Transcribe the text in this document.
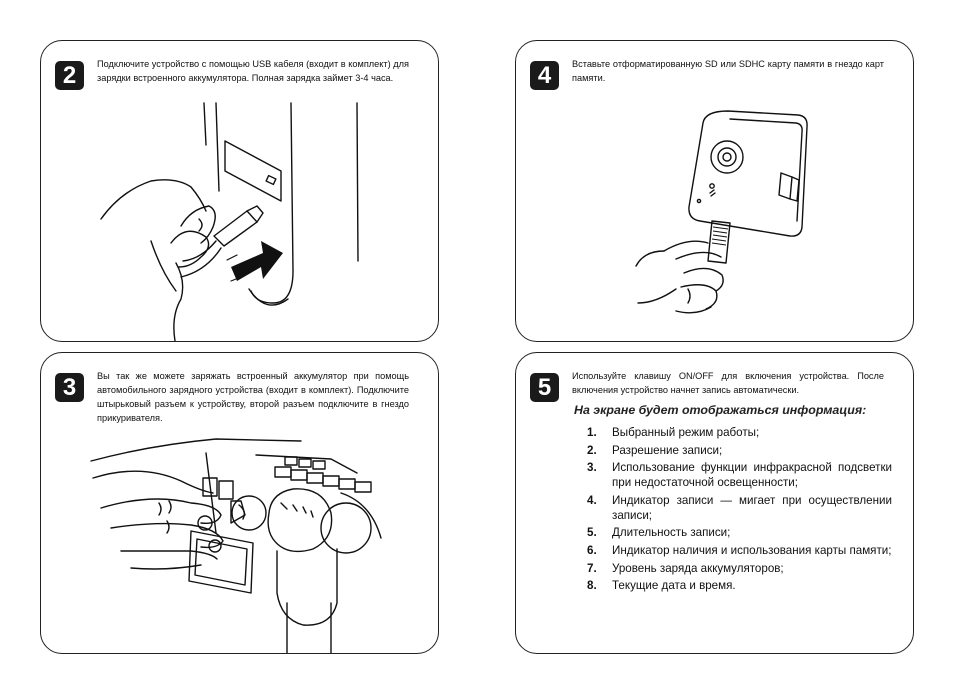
2	Подключите устройство с помощью USB кабеля (входит в комплект) для зарядки встроенного аккумулятора. Полная зарядка займет 3-4 часа.	4	Вставьте отформатированную SD или SDHC карту памяти в гнездо карт памяти.
3	Вы так же можете заряжать встроенный аккумулятор при помощь автомобильного зарядного устройства (входит в комплект). Подключите штырьковый разъем к устройству, второй разъем подключите в гнездо прикуривателя.
5	Используйте клавишу ON/OFF для включения устройства. После включения устройство начнет запись автоматически.
На экране будет отображаться информация:
1. Выбранный режим работы;
2. Разрешение записи;
3. Использование функции инфракрасной подсветки при недостаточной освещенности;
4. Индикатор записи — мигает при осуществлении записи;
5. Длительность записи;
6. Индикатор наличия и использования карты памяти;
7. Уровень заряда аккумуляторов;
8. Текущие дата и время.
